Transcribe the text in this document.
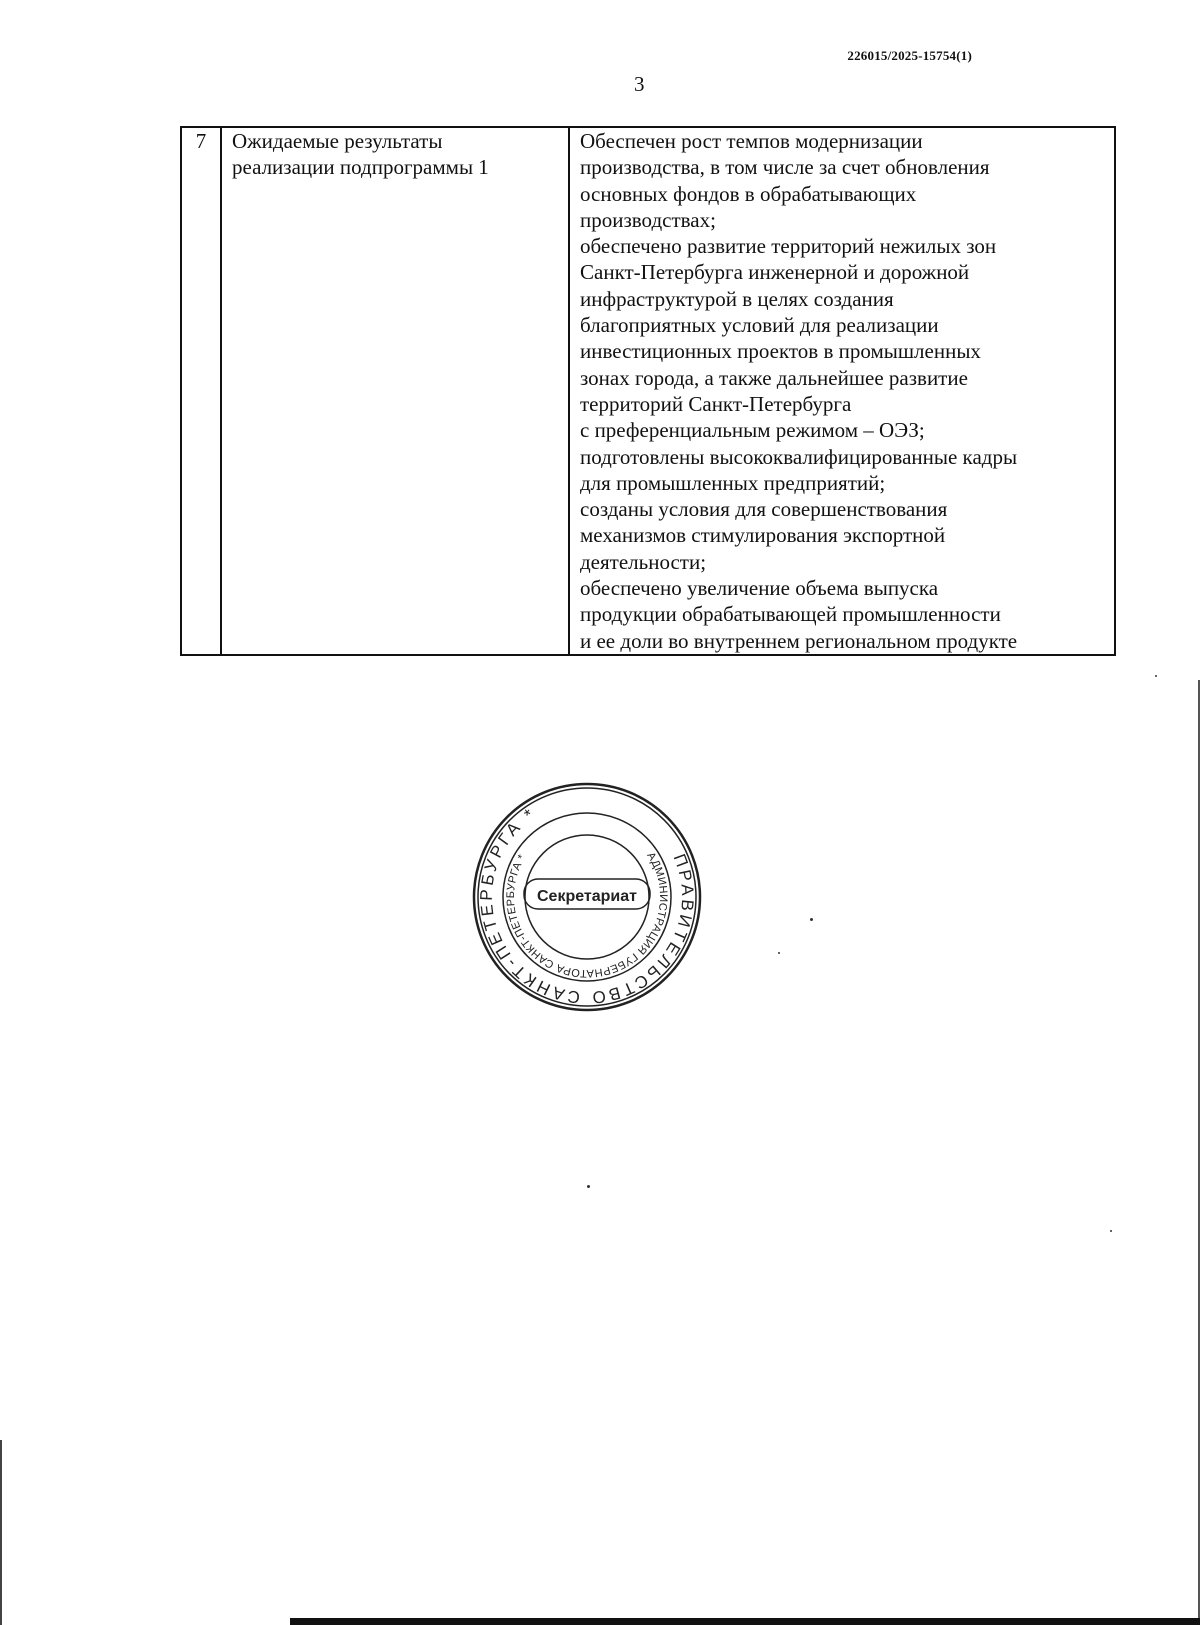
226015/2025-15754(1)
3
7	Ожидаемые результаты
реализации подпрограммы 1

Обеспечен рост темпов модернизации
производства, в том числе за счет обновления
основных фондов в обрабатывающих
производствах;
обеспечено развитие территорий нежилых зон
Санкт-Петербурга инженерной и дорожной
инфраструктурой в целях создания
благоприятных условий для реализации
инвестиционных проектов в промышленных
зонах города, а также дальнейшее развитие
территорий Санкт-Петербурга
с преференциальным режимом – ОЭЗ;
подготовлены высококвалифицированные кадры
для промышленных предприятий;
созданы условия для совершенствования
механизмов стимулирования экспортной
деятельности;
обеспечено увеличение объема выпуска
продукции обрабатывающей промышленности
и ее доли во внутреннем региональном продукте
ПРАВИТЕЛЬСТВО САНКТ-ПЕТЕРБУРГА *
АДМИНИСТРАЦИЯ ГУБЕРНАТОРА САНКТ-ПЕТЕРБУРГА *
Секретариат
